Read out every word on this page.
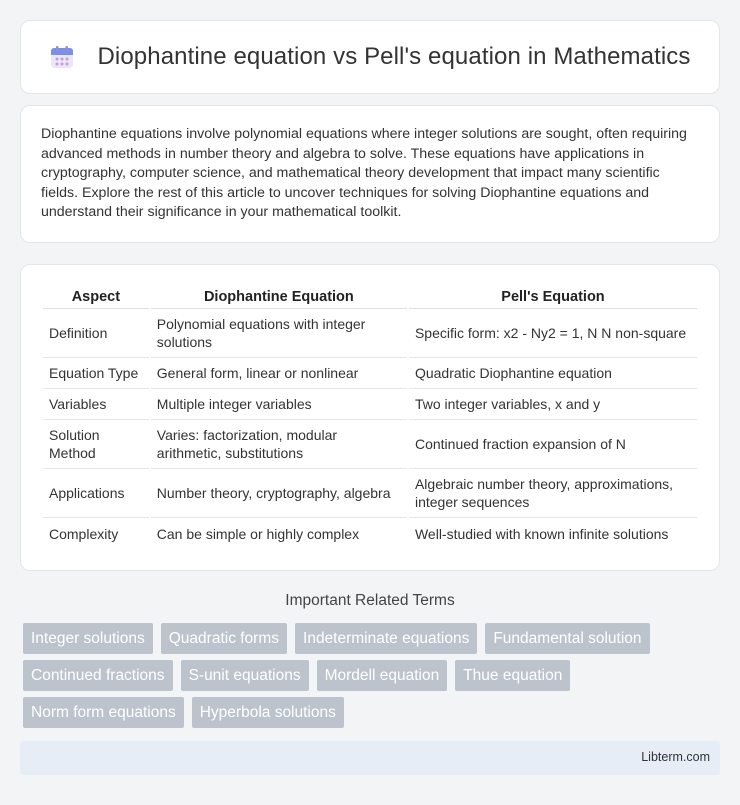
Diophantine equation vs Pell's equation in Mathematics

Diophantine equations involve polynomial equations where integer solutions are sought, often requiring advanced methods in number theory and algebra to solve. These equations have applications in cryptography, computer science, and mathematical theory development that impact many scientific fields. Explore the rest of this article to uncover techniques for solving Diophantine equations and understand their significance in your mathematical toolkit.

Aspect	Diophantine Equation	Pell's Equation
Definition	Polynomial equations with integer solutions	Specific form: x2 - Ny2 = 1, N N non-square
Equation Type	General form, linear or nonlinear	Quadratic Diophantine equation
Variables	Multiple integer variables	Two integer variables, x and y
Solution Method	Varies: factorization, modular arithmetic, substitutions	Continued fraction expansion of N
Applications	Number theory, cryptography, algebra	Algebraic number theory, approximations, integer sequences
Complexity	Can be simple or highly complex	Well-studied with known infinite solutions
Important Related Terms
Integer solutions	Quadratic forms	Indeterminate equations	Fundamental solution
Continued fractions	S-unit equations	Mordell equation	Thue equation
Norm form equations	Hyperbola solutions
Libterm.com
